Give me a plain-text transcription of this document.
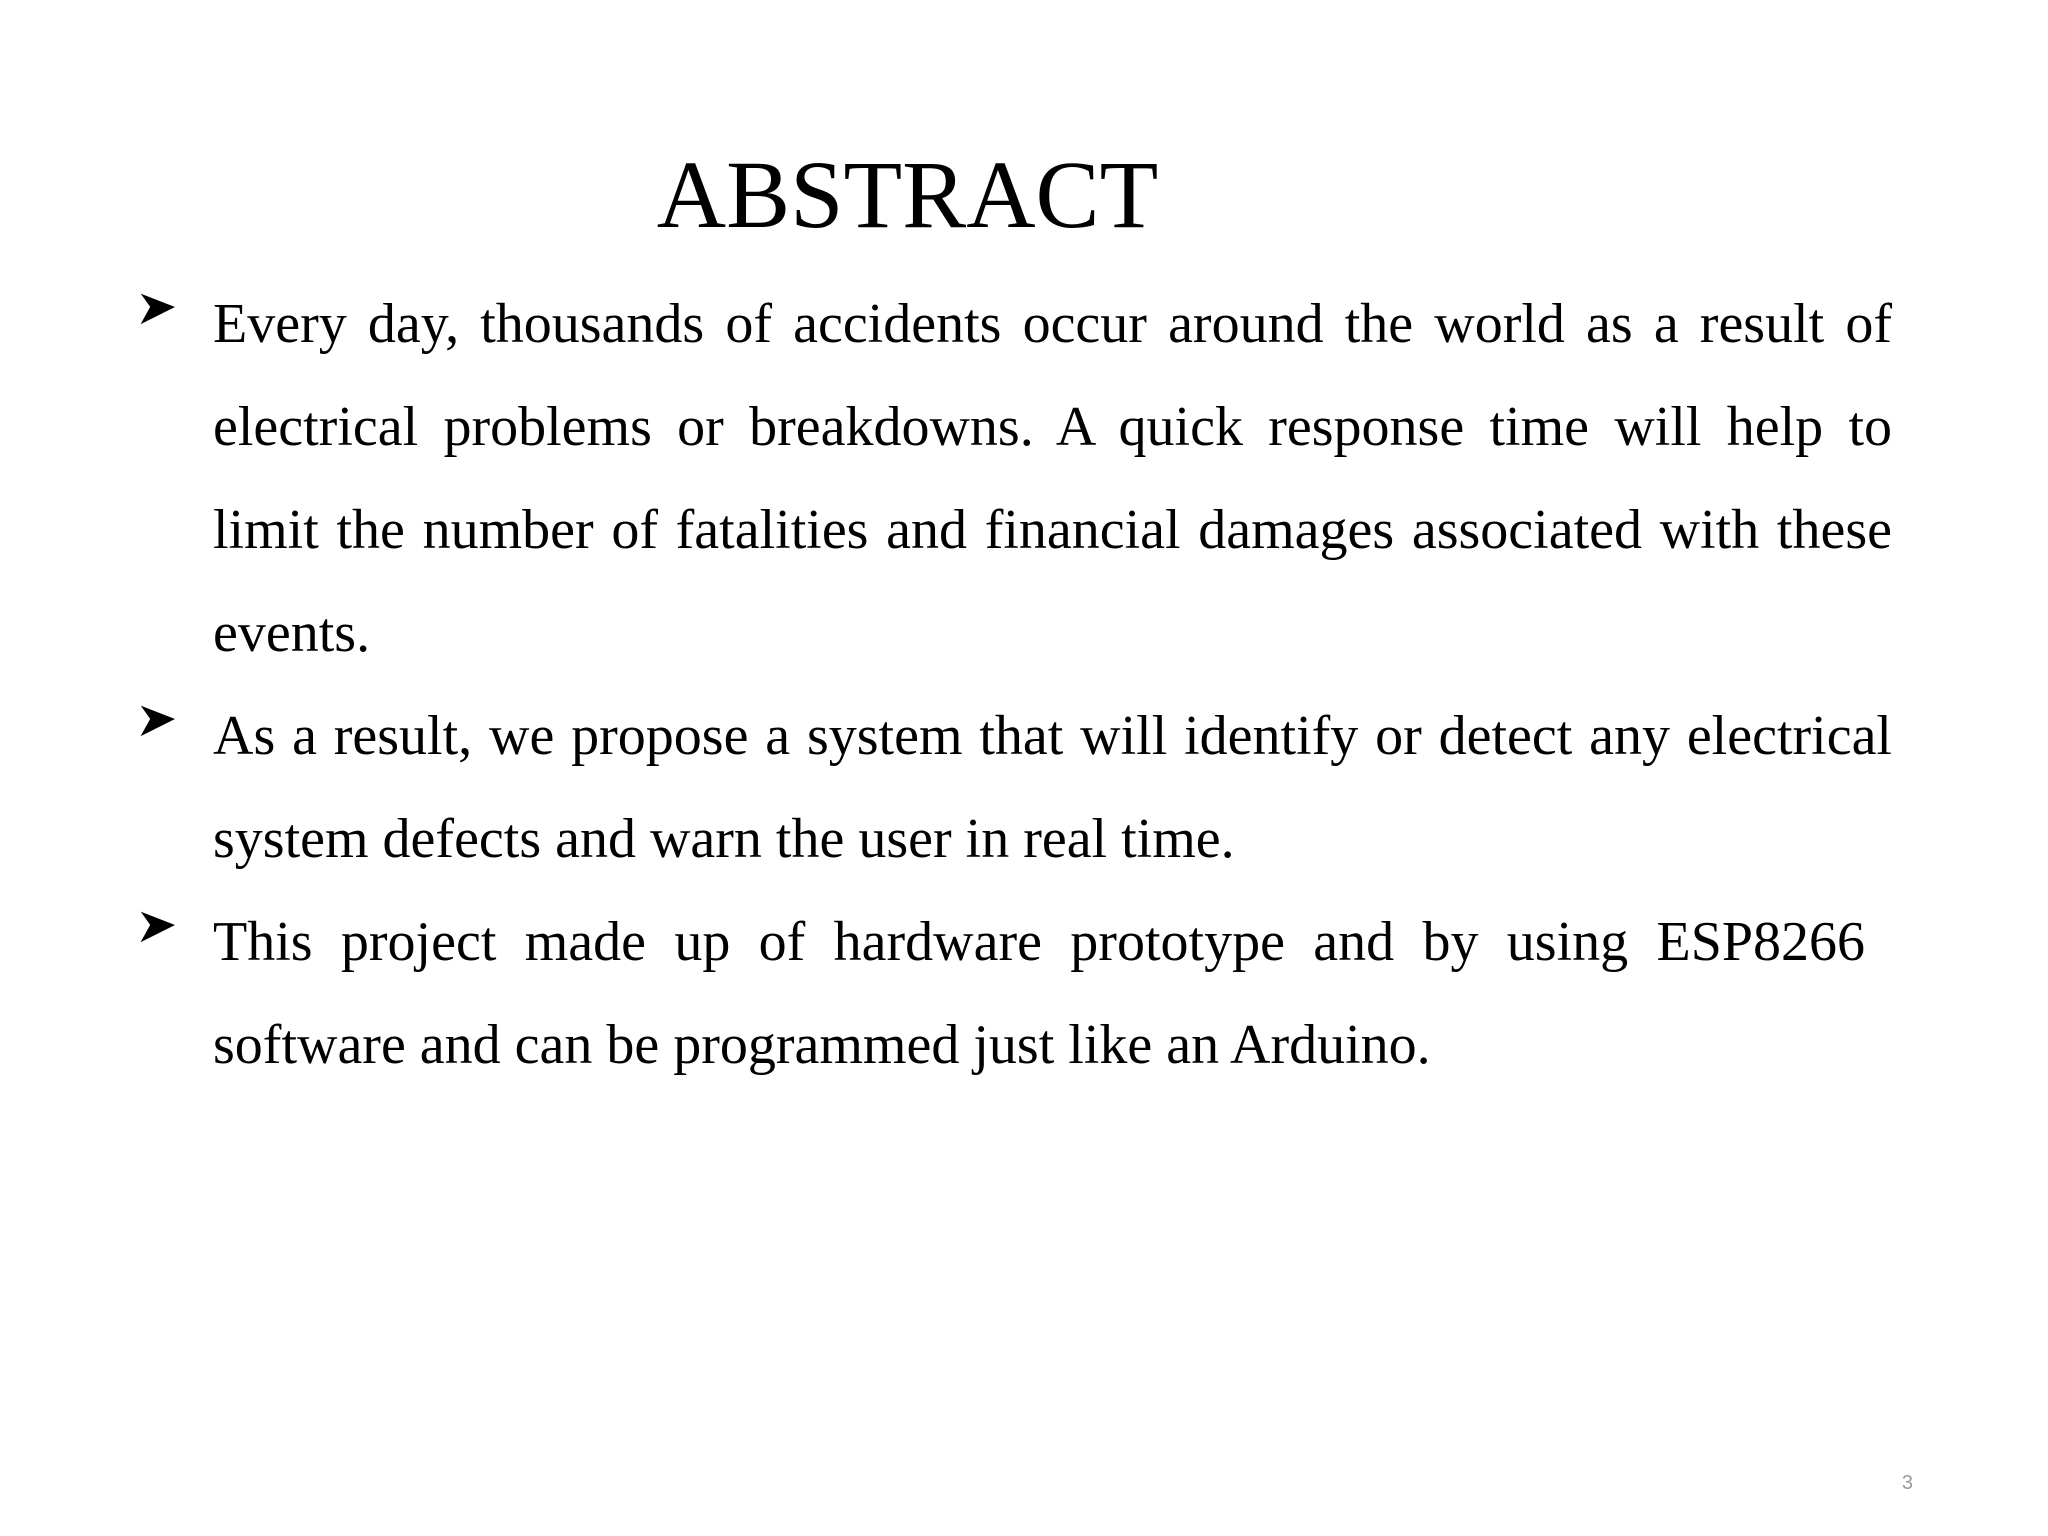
ABSTRACT
Every day, thousands of accidents occur around the world as a result of electrical problems or breakdowns. A quick response time will help to limit the number of fatalities and financial damages associated with these events.
As a result, we propose a system that will identify or detect any electrical system defects and warn the user in real time.
This project made up of hardware prototype and by using ESP8266 software and can be programmed just like an Arduino.
3
